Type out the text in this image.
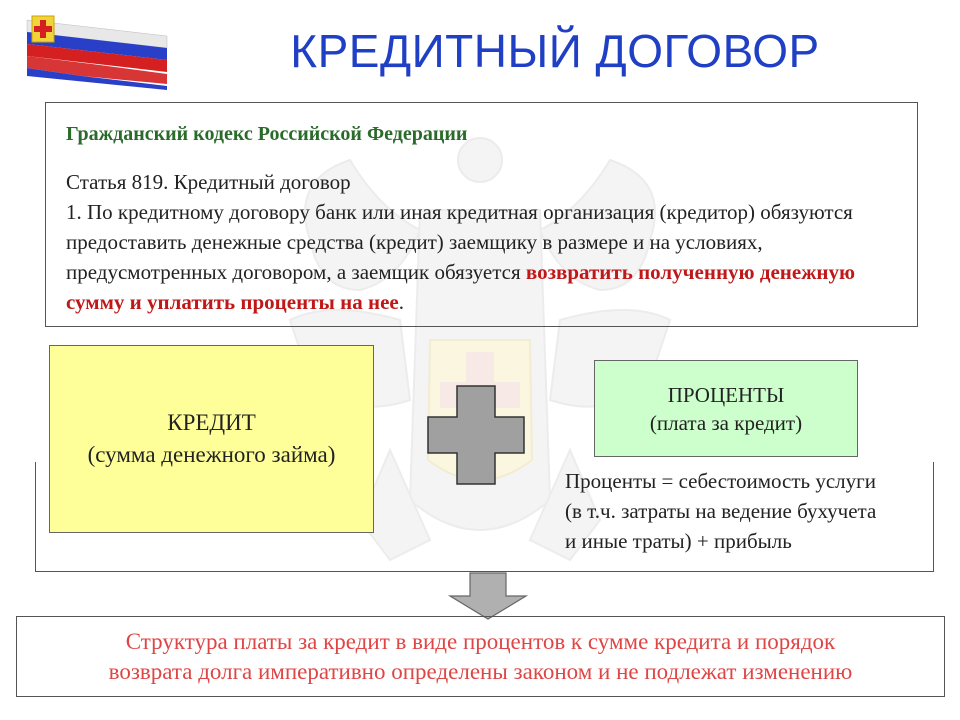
КРЕДИТНЫЙ ДОГОВОР
Гражданский кодекс Российской Федерации
Статья 819. Кредитный договор
1. По кредитному договору банк или иная кредитная организация (кредитор) обязуются предоставить денежные средства (кредит) заемщику в размере и на условиях, предусмотренных договором, а заемщик обязуется возвратить полученную денежную сумму и уплатить проценты на нее.
КРЕДИТ
(сумма денежного займа)
ПРОЦЕНТЫ
(плата за кредит)
Проценты = себестоимость услуги
(в т.ч. затраты на ведение бухучета
и иные траты) + прибыль
Структура платы за кредит в виде процентов к сумме кредита и порядок
возврата долга императивно определены законом и не подлежат изменению
